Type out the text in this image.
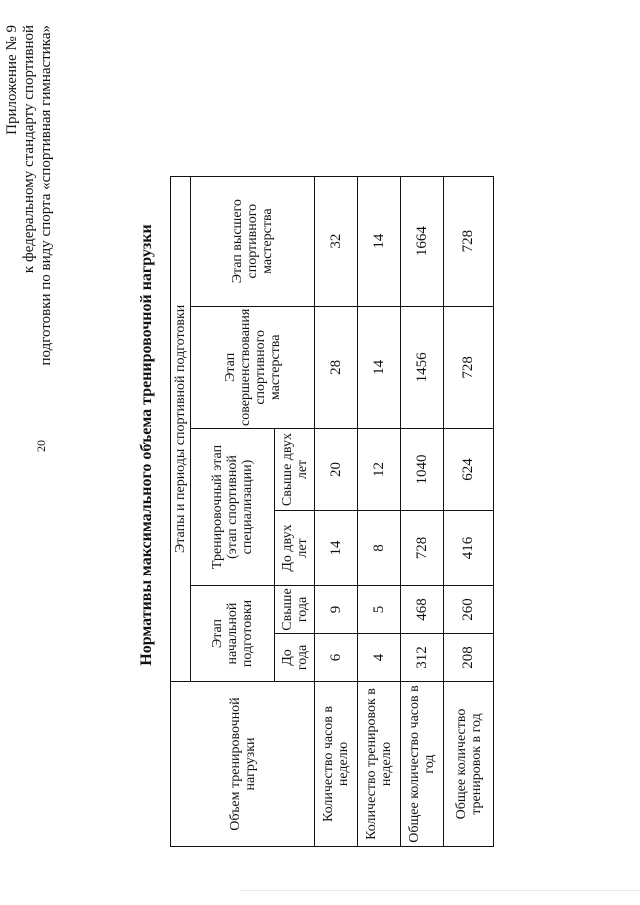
20
Приложение № 9 к федеральному стандарту спортивной подготовки по виду спорта «спортивная гимнастика»
Нормативы максимального объема тренировочной нагрузки
Объем тренировочной нагрузки	Этапы и периоды спортивной подготовки					
	Этап начальной подготовки		Тренировочный этап (этап спортивной специализации)		Этап совершенствования спортивного мастерства	Этап высшего спортивного мастерства
	До года	Свыше года	До двух лет	Свыше двух лет		
Количество часов в неделю	6	9	14	20	28	32
Количество тренировок в неделю	4	5	8	12	14	14
Общее количество часов в год	312	468	728	1040	1456	1664
Общее количество тренировок в год	208	260	416	624	728	728
